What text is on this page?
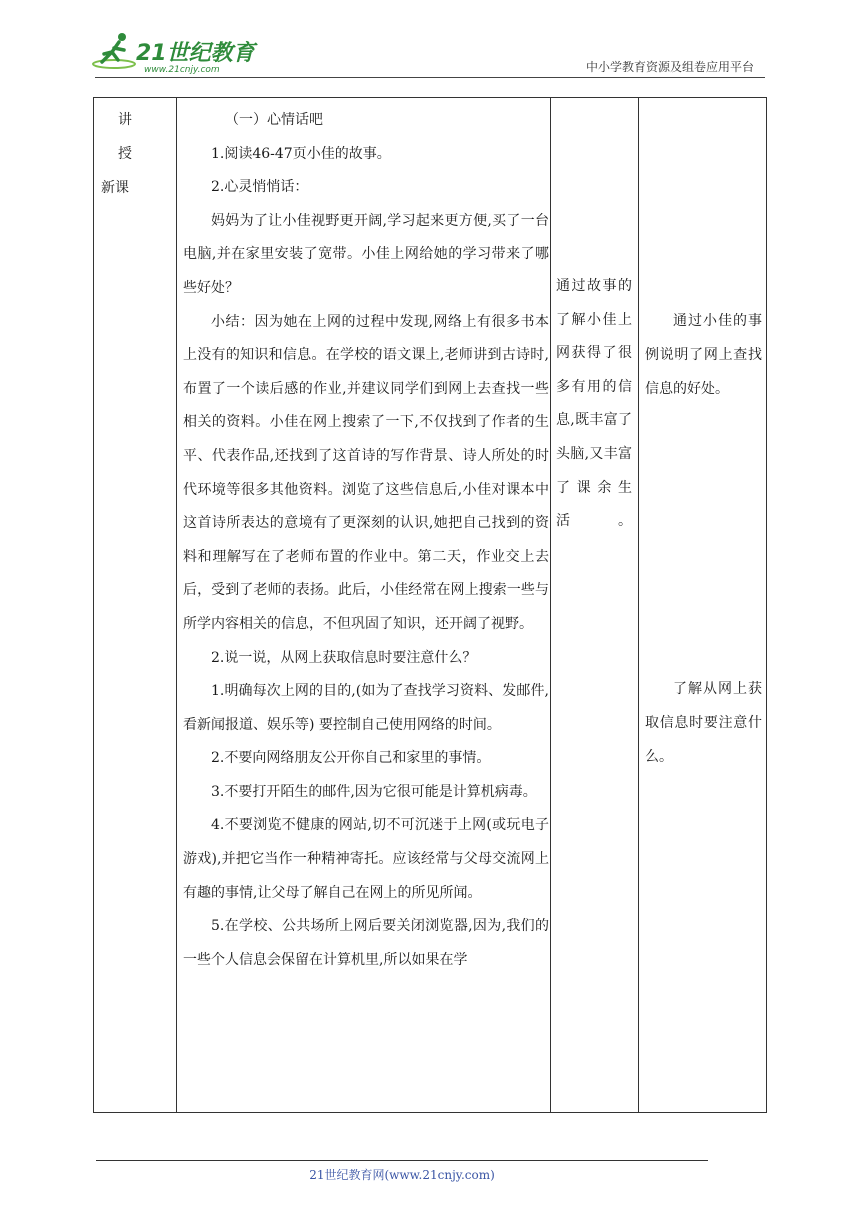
21世纪教育
www.21cnjy.com	中小学教育资源及组卷应用平台
讲 授
新课

（一）心情话吧

1.阅读46-47页小佳的故事。

2.心灵悄悄话：

妈妈为了让小佳视野更开阔,学习起来更方便,买了一台电脑,并在家里安装了宽带。小佳上网给她的学习带来了哪些好处？

小结：因为她在上网的过程中发现,网络上有很多书本上没有的知识和信息。在学校的语文课上,老师讲到古诗时,布置了一个读后感的作业,并建议同学们到网上去查找一些相关的资料。小佳在网上搜索了一下,不仅找到了作者的生平、代表作品,还找到了这首诗的写作背景、诗人所处的时代环境等很多其他资料。浏览了这些信息后,小佳对课本中这首诗所表达的意境有了更深刻的认识,她把自己找到的资料和理解写在了老师布置的作业中。第二天，作业交上去后，受到了老师的表扬。此后，小佳经常在网上搜索一些与所学内容相关的信息，不但巩固了知识，还开阔了视野。

2.说一说，从网上获取信息时要注意什么？

1.明确每次上网的目的,(如为了查找学习资料、发邮件,看新闻报道、娱乐等) 要控制自己使用网络的时间。

2.不要向网络朋友公开你自己和家里的事情。

3.不要打开陌生的邮件,因为它很可能是计算机病毒。

4.不要浏览不健康的网站,切不可沉迷于上网(或玩电子游戏),并把它当作一种精神寄托。应该经常与父母交流网上有趣的事情,让父母了解自己在网上的所见所闻。

5.在学校、公共场所上网后要关闭浏览器,因为,我们的一些个人信息会保留在计算机里,所以如果在学

通过故事的了解小佳上网获得了很多有用的信息,既丰富了头脑,又丰富了课余生活。

通过小佳的事例说明了网上查找信息的好处。

了解从网上获取信息时要注意什么。

21世纪教育网(www.21cnjy.com)
